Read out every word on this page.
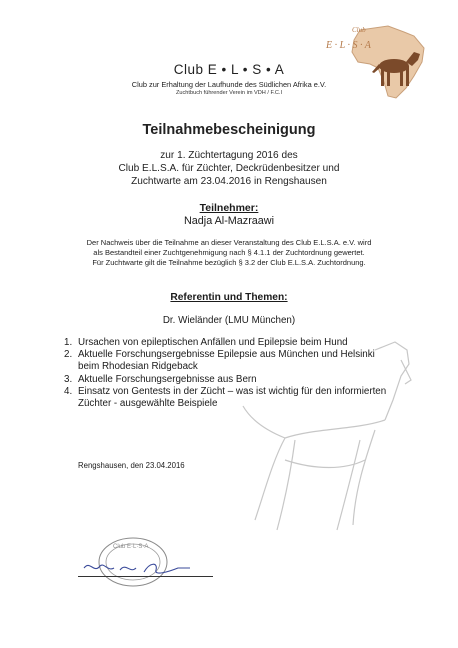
Club E • L • S • A
Club zur Erhaltung der Laufhunde des Südlichen Afrika e.V.
Zuchtbuch führender Verein im VDH / F.C.I
Club
E · L · S · A
Teilnahmebescheinigung
zur 1. Züchtertagung 2016 des
Club E.L.S.A. für Züchter, Deckrüdenbesitzer und
Zuchtwarte am 23.04.2016 in Rengshausen
Teilnehmer:
Nadja Al-Mazraawi
Der Nachweis über die Teilnahme an dieser Veranstaltung des Club E.L.S.A. e.V. wird
als Bestandteil einer Zuchtgenehmigung nach § 4.1.1 der Zuchtordnung gewertet.
Für Zuchtwarte gilt die Teilnahme bezüglich § 3.2 der Club E.L.S.A. Zuchtordnung.
Referentin und Themen:
Dr. Wieländer (LMU München)
1. Ursachen von epileptischen Anfällen und Epilepsie beim Hund
2. Aktuelle Forschungsergebnisse Epilepsie aus München und Helsinki
beim Rhodesian Ridgeback
3. Aktuelle Forschungsergebnisse aus Bern
4. Einsatz von Gentests in der Zücht – was ist wichtig für den informierten
Züchter - ausgewählte Beispiele
Rengshausen, den 23.04.2016
Club E·L·S·A
